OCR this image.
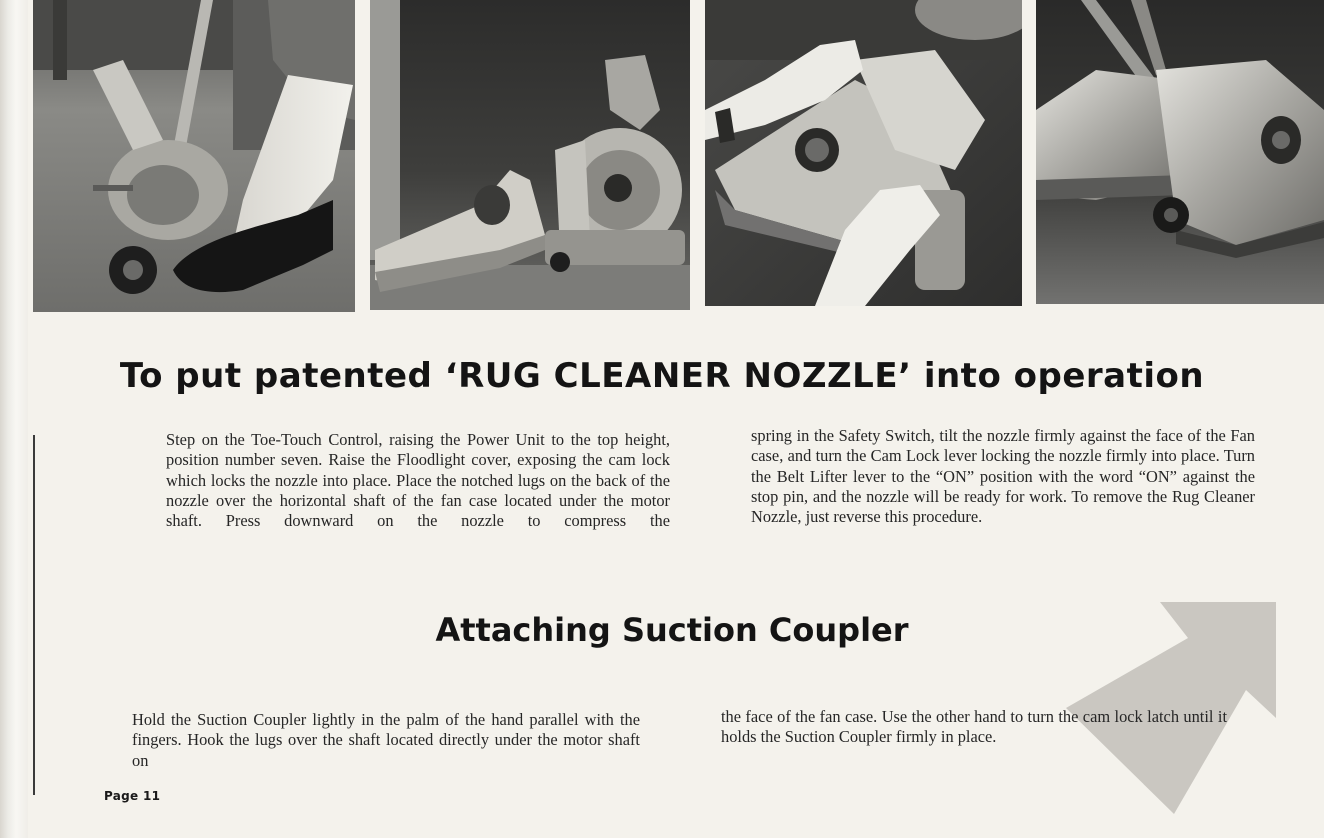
To put patented ‘RUG CLEANER NOZZLE’ into operation

Step on the Toe-Touch Control, raising the Power Unit to the top height, position number seven. Raise the Floodlight cover, exposing the cam lock which locks the nozzle into place. Place the notched lugs on the back of the nozzle over the horizontal shaft of the fan case located under the motor shaft. Press downward on the nozzle to compress the

spring in the Safety Switch, tilt the nozzle firmly against the face of the Fan case, and turn the Cam Lock lever locking the nozzle firmly into place. Turn the Belt Lifter lever to the “ON” position with the word “ON” against the stop pin, and the nozzle will be ready for work. To remove the Rug Cleaner Nozzle, just reverse this procedure.

Attaching Suction Coupler

Hold the Suction Coupler lightly in the palm of the hand parallel with the fingers. Hook the lugs over the shaft located directly under the motor shaft on

the face of the fan case. Use the other hand to turn the cam lock latch until it holds the Suction Coupler firmly in place.

Page 11
